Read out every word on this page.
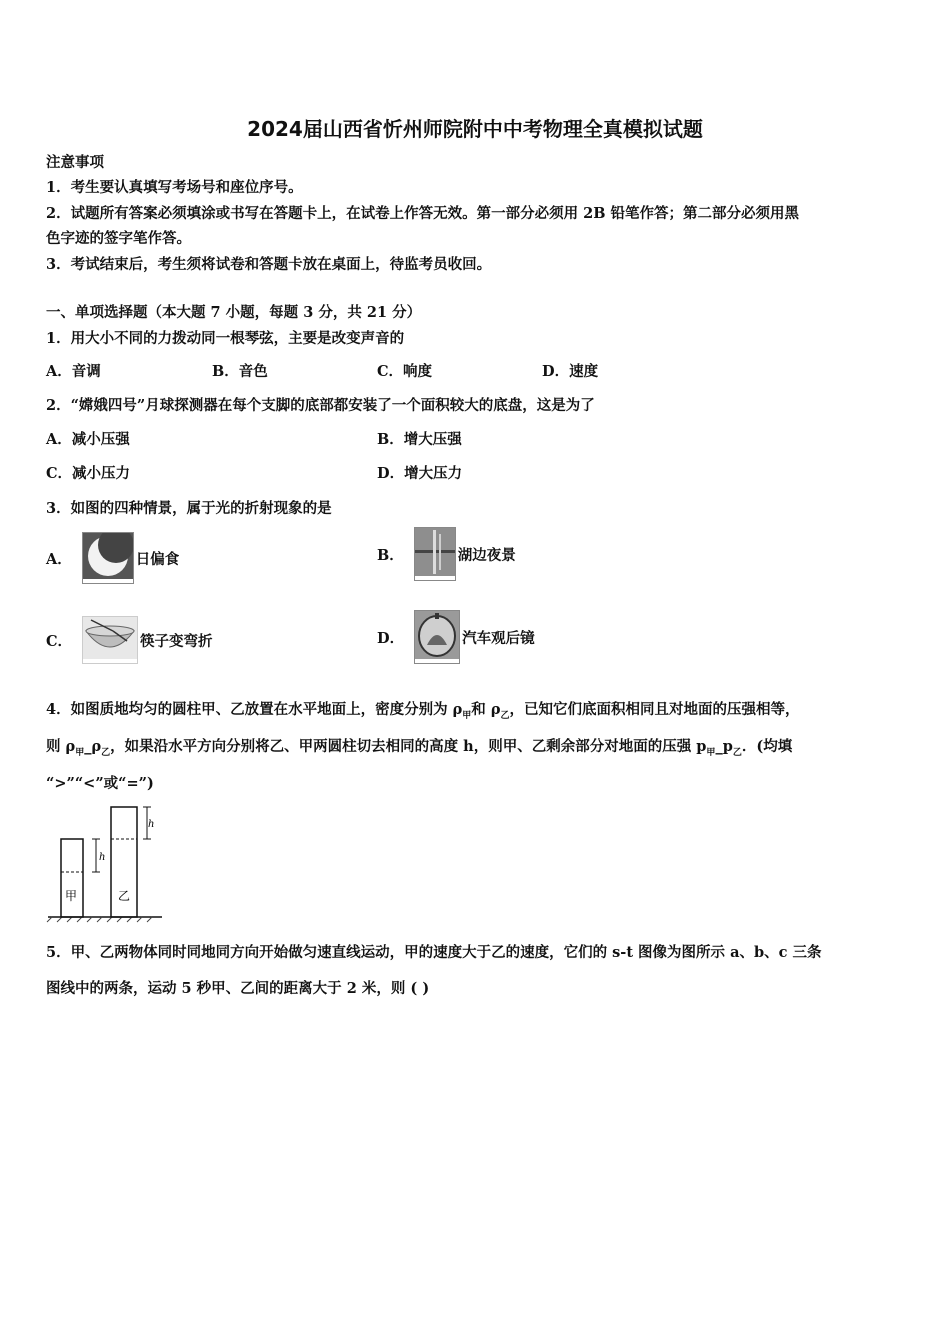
2024届山西省忻州师院附中中考物理全真模拟试题
注意事项
1．考生要认真填写考场号和座位序号。
2．试题所有答案必须填涂或书写在答题卡上，在试卷上作答无效。第一部分必须用 2B 铅笔作答；第二部分必须用黑
色字迹的签字笔作答。
3．考试结束后，考生须将试卷和答题卡放在桌面上，待监考员收回。
一、单项选择题（本大题 7 小题，每题 3 分，共 21 分）
1．用大小不同的力拨动同一根琴弦，主要是改变声音的
A．音调	B．音色	C．响度	D．速度
2．“嫦娥四号”月球探测器在每个支脚的底部都安装了一个面积较大的底盘，这是为了
A．减小压强	B．增大压强
C．减小压力	D．增大压力
3．如图的四种情景，属于光的折射现象的是
A．	日偏食	B．	湖边夜景
C．	筷子变弯折	D．	汽车观后镜
4．如图质地均匀的圆柱甲、乙放置在水平地面上，密度分别为 $\rho_甲$和 $\rho_乙$，已知它们底面积相同且对地面的压强相等，
则 $\rho_甲\_\rho_乙$，如果沿水平方向分别将乙、甲两圆柱切去相同的高度 h，则甲、乙剩余部分对地面的压强 $p_甲\_p_乙$．(均填
“>”“<”或“=”)
h
甲
h
乙
5．甲、乙两物体同时同地同方向开始做匀速直线运动，甲的速度大于乙的速度，它们的 s-t 图像为图所示 a、b、c 三条
图线中的两条，运动 5 秒甲、乙间的距离大于 2 米，则 ( )
